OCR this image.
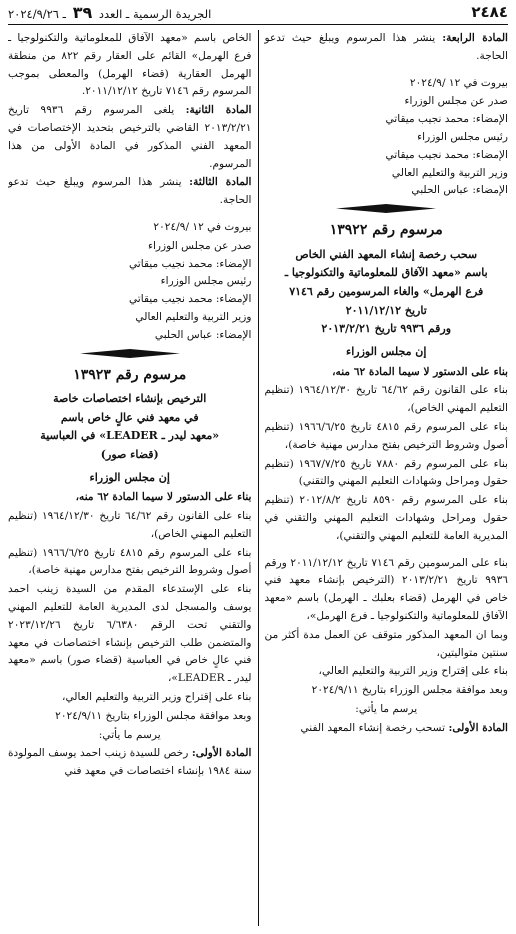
٢٤٨٤
الجريدة الرسمية ـ العدد ٣٩ ـ ٢٠٢٤/٩/٢٦

المادة الرابعة: ينشر هذا المرسوم ويبلغ حيث تدعو الحاجة.

بيروت في ١٢ /٢٠٢٤/٩

صدر عن مجلس الوزراء

الإمضاء: محمد نجيب ميقاتي

رئيس مجلس الوزراء

الإمضاء: محمد نجيب ميقاتي

وزير التربية والتعليم العالي

الإمضاء: عباس الحلبي

مرسوم رقم ١٣٩٢٢
سحب رخصة إنشاء المعهد الفني الخاص
باسم «معهد الآفاق للمعلوماتية والتكنولوجيا ـ
فرع الهرمل» والغاء المرسومين رقم ٧١٤٦
تاريخ ٢٠١١/١٢/١٢
ورقم ٩٩٣٦ تاريخ ٢٠١٣/٢/٢١
إن مجلس الوزراء

بناء على الدستور لا سيما المادة ٦٢ منه،

بناء على القانون رقم ٦٤/٦٢ تاريخ ١٩٦٤/١٢/٣٠ (تنظيم التعليم المهني الخاص)،

بناء على المرسوم رقم ٤٨١٥ تاريخ ١٩٦٦/٦/٢٥ (تنظيم أصول وشروط الترخيص بفتح مدارس مهنية خاصة)،

بناء على المرسوم رقم ٧٨٨٠ تاريخ ١٩٦٧/٧/٢٥ (تنظيم حقول ومراحل وشهادات التعليم المهني والتقني)

بناء على المرسوم رقم ٨٥٩٠ تاريخ ٢٠١٢/٨/٢ (تنظيم حقول ومراحل وشهادات التعليم المهني والتقني في المديرية العامة للتعليم المهني والتقني)،

بناء على المرسومين رقم ٧١٤٦ تاريخ ٢٠١١/١٢/١٢ ورقم ٩٩٣٦ تاريخ ٢٠١٣/٢/٢١ (الترخيص بإنشاء معهد فني خاص في الهرمل (قضاء بعلبك ـ الهرمل) باسم «معهد الآفاق للمعلوماتية والتكنولوجيا ـ فرع الهرمل»،

وبما ان المعهد المذكور متوقف عن العمل مدة أكثر من سنتين متواليتين،

بناء على إقتراح وزير التربية والتعليم العالي،

وبعد موافقة مجلس الوزراء بتاريخ ٢٠٢٤/٩/١١

يرسم ما يأتي:

المادة الأولى: تسحب رخصة إنشاء المعهد الفني

الخاص باسم «معهد الآفاق للمعلوماتية والتكنولوجيا ـ فرع الهرمل» القائم على العقار رقم ٨٢٢ من منطقة الهرمل العقارية (قضاء الهرمل) والمعطى بموجب المرسوم رقم ٧١٤٦ تاريخ ٢٠١١/١٢/١٢.

المادة الثانية: يلغى المرسوم رقم ٩٩٣٦ تاريخ ٢٠١٣/٢/٢١ القاضي بالترخيص بتحديد الإختصاصات في المعهد الفني المذكور في المادة الأولى من هذا المرسوم.

المادة الثالثة: ينشر هذا المرسوم ويبلغ حيث تدعو الحاجة.

بيروت في ١٢ /٢٠٢٤/٩

صدر عن مجلس الوزراء

الإمضاء: محمد نجيب ميقاتي

رئيس مجلس الوزراء

الإمضاء: محمد نجيب ميقاتي

وزير التربية والتعليم العالي

الإمضاء: عباس الحلبي

مرسوم رقم ١٣٩٢٣
الترخيص بإنشاء اختصاصات خاصة
في معهد فني عالٍ خاص باسم
«معهد ليدر ـ LEADER» في العباسية
(قضاء صور)
إن مجلس الوزراء

بناء على الدستور لا سيما المادة ٦٢ منه،

بناء على القانون رقم ٦٤/٦٢ تاريخ ١٩٦٤/١٢/٣٠ (تنظيم التعليم المهني الخاص)،

بناء على المرسوم رقم ٤٨١٥ تاريخ ١٩٦٦/٦/٢٥ (تنظيم أصول وشروط الترخيص بفتح مدارس مهنية خاصة)،

بناء على الإستدعاء المقدم من السيدة زينب احمد يوسف والمسجل لدى المديرية العامة للتعليم المهني والتقني تحت الرقم ٦/٦٣٨٠ تاريخ ٢٠٢٣/١٢/٢٦ والمتضمن طلب الترخيص بإنشاء اختصاصات في معهد فني عالٍ خاص في العباسية (قضاء صور) باسم «معهد ليدر ـ LEADER»،

بناء على إقتراح وزير التربية والتعليم العالي،

وبعد موافقة مجلس الوزراء بتاريخ ٢٠٢٤/٩/١١

يرسم ما يأتي:

المادة الأولى: رخص للسيدة زينب احمد يوسف المولودة سنة ١٩٨٤ بإنشاء اختصاصات في معهد فني
